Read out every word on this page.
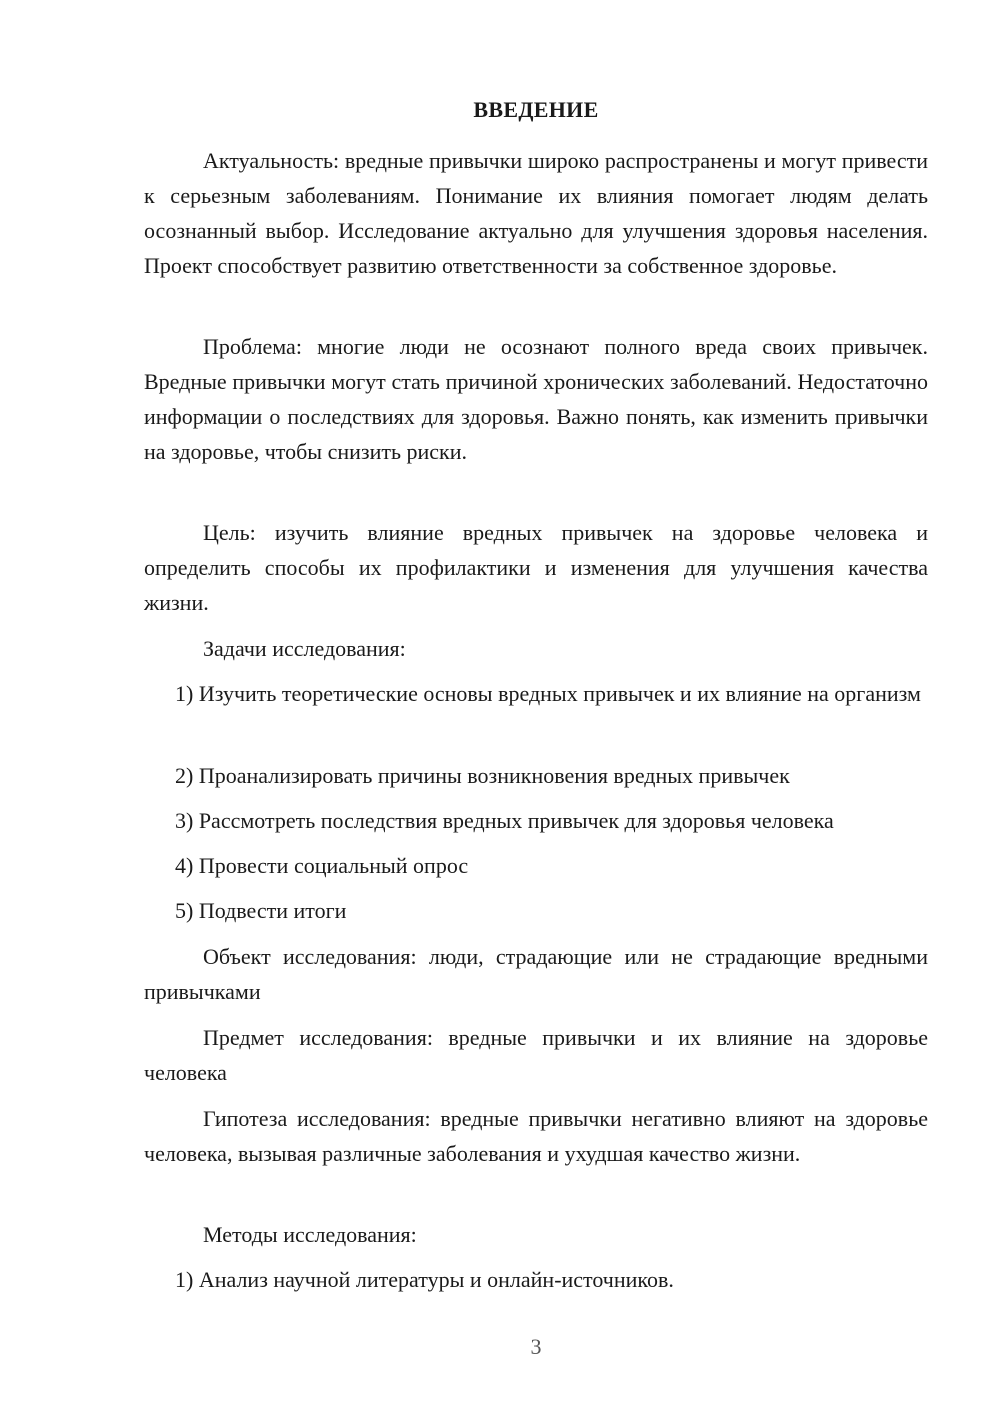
ВВЕДЕНИЕ

Актуальность: вредные привычки широко распространены и могут привести к серьезным заболеваниям. Понимание их влияния помогает людям делать осознанный выбор. Исследование актуально для улучшения здоровья населения. Проект способствует развитию ответственности за собственное здоровье.

Проблема: многие люди не осознают полного вреда своих привычек. Вредные привычки могут стать причиной хронических заболеваний. Недостаточно информации о последствиях для здоровья. Важно понять, как изменить привычки на здоровье, чтобы снизить риски.

Цель: изучить влияние вредных привычек на здоровье человека и определить способы их профилактики и изменения для улучшения качества жизни.

Задачи исследования:

1) Изучить теоретические основы вредных привычек и их влияние на организм

2) Проанализировать причины возникновения вредных привычек

3) Рассмотреть последствия вредных привычек для здоровья человека

4) Провести социальный опрос

5) Подвести итоги

Объект исследования: люди, страдающие или не страдающие вредными привычками

Предмет исследования: вредные привычки и их влияние на здоровье человека

Гипотеза исследования: вредные привычки негативно влияют на здоровье человека, вызывая различные заболевания и ухудшая качество жизни.

Методы исследования:

1) Анализ научной литературы и онлайн-источников.

3
